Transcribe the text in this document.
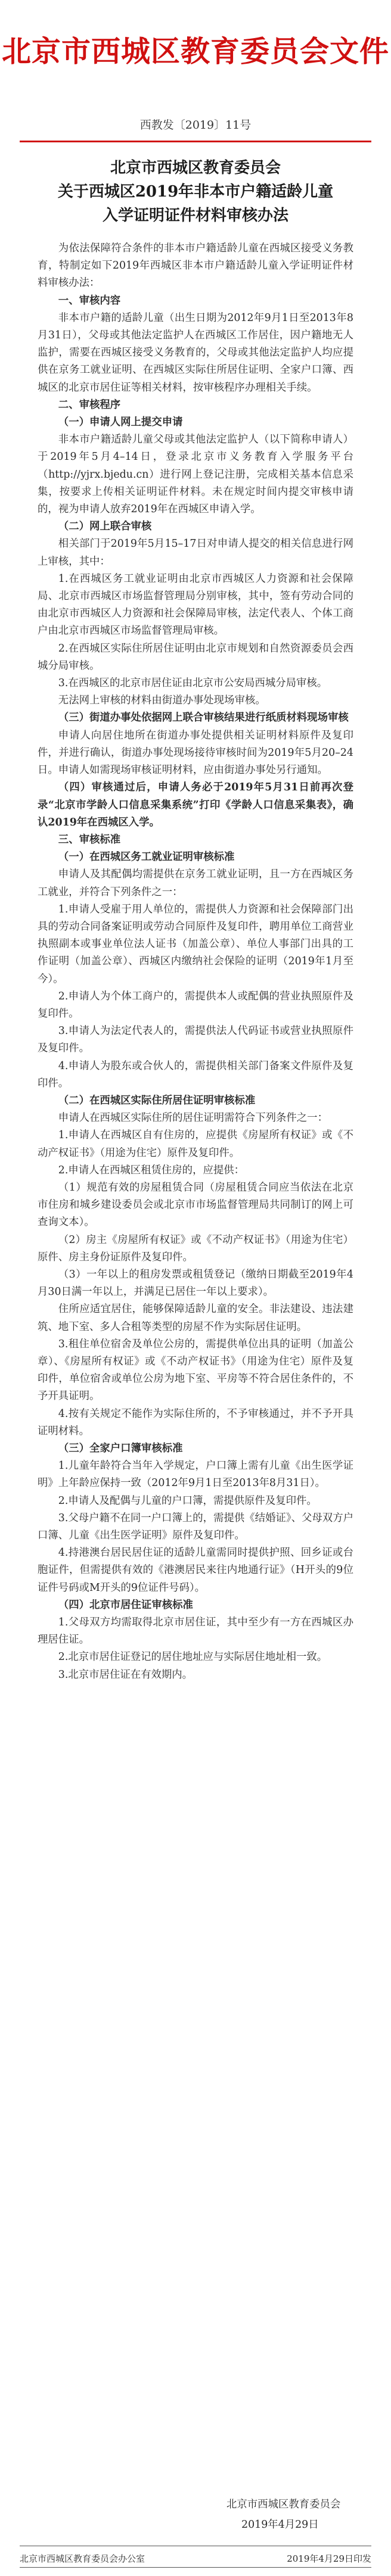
北京市西城区教育委员会文件
西教发〔2019〕11号
北京市西城区教育委员会
关于西城区2019年非本市户籍适龄儿童
入学证明证件材料审核办法

为依法保障符合条件的非本市户籍适龄儿童在西城区接受义务教育，特制定如下2019年西城区非本市户籍适龄儿童入学证明证件材料审核办法：

一、审核内容

非本市户籍的适龄儿童（出生日期为2012年9月1日至2013年8月31日），父母或其他法定监护人在西城区工作居住，因户籍地无人监护，需要在西城区接受义务教育的，父母或其他法定监护人均应提供在京务工就业证明、在西城区实际住所居住证明、全家户口簿、西城区的北京市居住证等相关材料，按审核程序办理相关手续。

二、审核程序

（一）申请人网上提交申请

非本市户籍适龄儿童父母或其他法定监护人（以下简称申请人）于2019年5月4–14日，登录北京市义务教育入学服务平台（http://yjrx.bjedu.cn）进行网上登记注册，完成相关基本信息采集，按要求上传相关证明证件材料。未在规定时间内提交审核申请的，视为申请人放弃2019年在西城区申请入学。

（二）网上联合审核

相关部门于2019年5月15–17日对申请人提交的相关信息进行网上审核，其中：

1.在西城区务工就业证明由北京市西城区人力资源和社会保障局、北京市西城区市场监督管理局分别审核，其中，签有劳动合同的由北京市西城区人力资源和社会保障局审核，法定代表人、个体工商户由北京市西城区市场监督管理局审核。

2.在西城区实际住所居住证明由北京市规划和自然资源委员会西城分局审核。

3.在西城区的北京市居住证由北京市公安局西城分局审核。

无法网上审核的材料由街道办事处现场审核。

（三）街道办事处依据网上联合审核结果进行纸质材料现场审核

申请人向居住地所在街道办事处提供相关证明材料原件及复印件，并进行确认，街道办事处现场接待审核时间为2019年5月20–24日。申请人如需现场审核证明材料，应由街道办事处另行通知。

（四）审核通过后，申请人务必于2019年5月31日前再次登录“北京市学龄人口信息采集系统”打印《学龄人口信息采集表》，确认2019年在西城区入学。

三、审核标准

（一）在西城区务工就业证明审核标准

申请人及其配偶均需提供在京务工就业证明，且一方在西城区务工就业，并符合下列条件之一：

1.申请人受雇于用人单位的，需提供人力资源和社会保障部门出具的劳动合同备案证明或劳动合同原件及复印件，聘用单位工商营业执照副本或事业单位法人证书（加盖公章）、单位人事部门出具的工作证明（加盖公章）、西城区内缴纳社会保险的证明（2019年1月至今）。

2.申请人为个体工商户的，需提供本人或配偶的营业执照原件及复印件。

3.申请人为法定代表人的，需提供法人代码证书或营业执照原件及复印件。

4.申请人为股东或合伙人的，需提供相关部门备案文件原件及复印件。

（二）在西城区实际住所居住证明审核标准

申请人在西城区实际住所的居住证明需符合下列条件之一：

1.申请人在西城区自有住房的，应提供《房屋所有权证》或《不动产权证书》（用途为住宅）原件及复印件。

2.申请人在西城区租赁住房的，应提供：

（1）规范有效的房屋租赁合同（房屋租赁合同应当依法在北京市住房和城乡建设委员会或北京市市场监督管理局共同制订的网上可查询文本）。

（2）房主《房屋所有权证》或《不动产权证书》（用途为住宅）原件、房主身份证原件及复印件。

（3）一年以上的租房发票或租赁登记（缴纳日期截至2019年4月30日满一年以上，并满足已居住一年以上要求）。

住所应适宜居住，能够保障适龄儿童的安全。非法建设、违法建筑、地下室、多人合租等类型的房屋不作为实际居住证明。

3.租住单位宿舍及单位公房的，需提供单位出具的证明（加盖公章）、《房屋所有权证》或《不动产权证书》（用途为住宅）原件及复印件，单位宿舍或单位公房为地下室、平房等不符合居住条件的，不予开具证明。

4.按有关规定不能作为实际住所的，不予审核通过，并不予开具证明材料。

（三）全家户口簿审核标准

1.儿童年龄符合当年入学规定，户口簿上需有儿童《出生医学证明》上年龄应保持一致（2012年9月1日至2013年8月31日）。

2.申请人及配偶与儿童的户口簿，需提供原件及复印件。

3.父母户籍不在同一户口簿上的，需提供《结婚证》、父母双方户口簿、儿童《出生医学证明》原件及复印件。

4.持港澳台居民居住证的适龄儿童需同时提供护照、回乡证或台胞证件，但需提供有效的《港澳居民来往内地通行证》（H开头的9位证件号码或M开头的9位证件号码）。

（四）北京市居住证审核标准

1.父母双方均需取得北京市居住证，其中至少有一方在西城区办理居住证。

2.北京市居住证登记的居住地址应与实际居住地址相一致。

3.北京市居住证在有效期内。

北京市西城区教育委员会
2019年4月29日
北京市西城区教育委员会办公室	2019年4月29日印发
